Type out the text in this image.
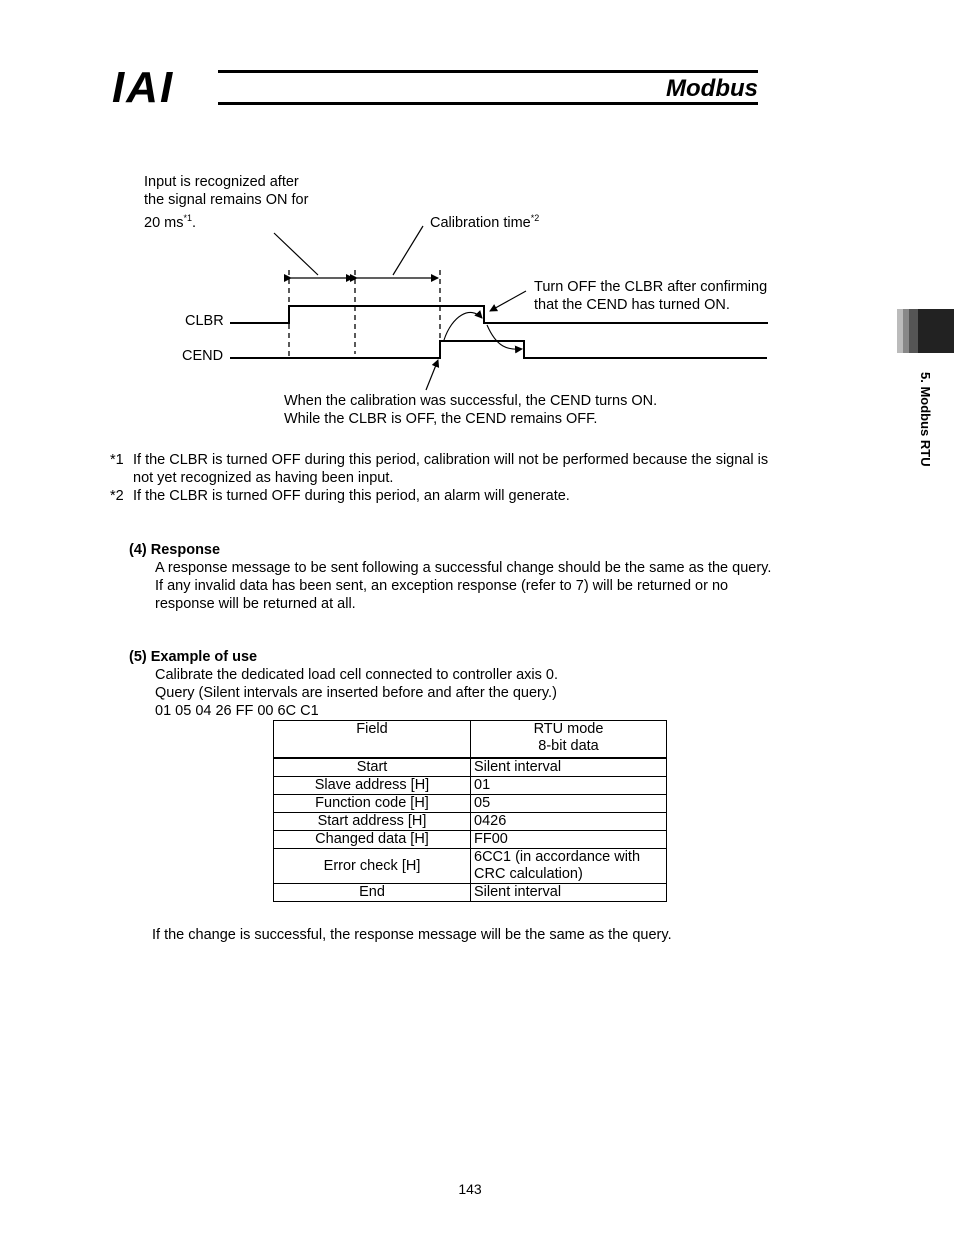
IAI	Modbus
5. Modbus RTU
Input is recognized after
the signal remains ON for
20 $ms^{*1}$.	Calibration time$^{*2}$
Turn OFF the CLBR after confirming
that the CEND has turned ON.
CLBR
CEND
When the calibration was successful, the CEND turns ON.
While the CLBR is OFF, the CEND remains OFF.
*1 If the CLBR is turned OFF during this period, calibration will not be performed because the signal is
not yet recognized as having been input.
*2 If the CLBR is turned OFF during this period, an alarm will generate.
(4) Response
A response message to be sent following a successful change should be the same as the query.
If any invalid data has been sent, an exception response (refer to 7) will be returned or no
response will be returned at all.
(5) Example of use
Calibrate the dedicated load cell connected to controller axis 0.
Query (Silent intervals are inserted before and after the query.)
01 05 04 26 FF 00 6C C1
Field	RTU mode
8-bit data

Start	Silent interval
Slave address [H]	01
Function code [H]	05
Start address [H]	0426
Changed data [H]	FF00
Error check [H]	6CC1 (in accordance with
CRC calculation)

End	Silent interval
If the change is successful, the response message will be the same as the query.
143
